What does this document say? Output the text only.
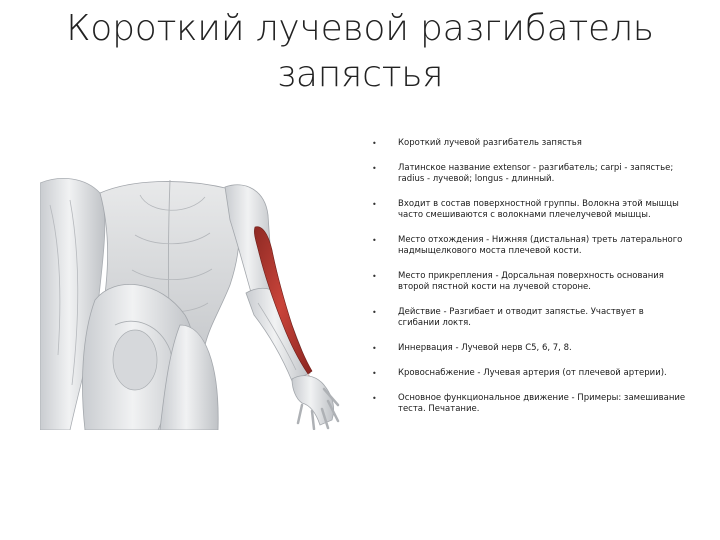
Короткий лучевой разгибатель запястья
•	Короткий лучевой разгибатель запястья
•	Латинское название extensor - разгибатель; carpi - запястье; radius - лучевой; longus - длинный.
•	Входит в состав поверхностной группы. Волокна этой мышцы часто смешиваются с волокнами плечелучевой мышцы.
•	Место отхождения - Нижняя (дистальная) треть латерального надмыщелкового моста плечевой кости.
•	Место прикрепления - Дорсальная поверхность основания второй пястной кости на лучевой стороне.
•	Действие - Разгибает и отводит запястье. Участвует в сгибании локтя.
•	Иннервация - Лучевой нерв C5, 6, 7, 8.
•	Кровоснабжение - Лучевая артерия (от плечевой артерии).
•	Основное функциональное движение - Примеры: замешивание теста. Печатание.
